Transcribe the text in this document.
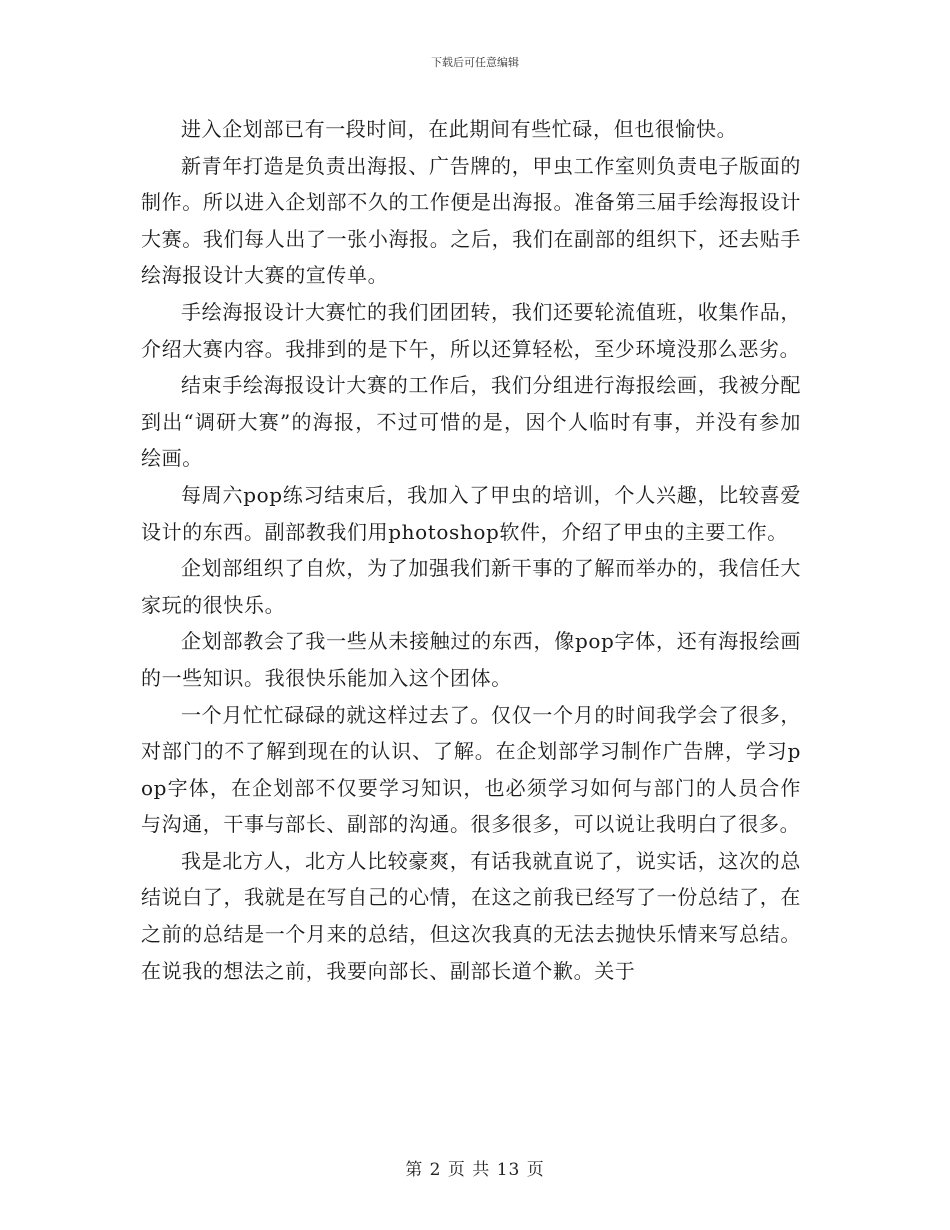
下载后可任意编辑

进入企划部已有一段时间，在此期间有些忙碌，但也很愉快。

新青年打造是负责出海报、广告牌的，甲虫工作室则负责电子版面的制作。所以进入企划部不久的工作便是出海报。准备第三届手绘海报设计大赛。我们每人出了一张小海报。之后，我们在副部的组织下，还去贴手绘海报设计大赛的宣传单。

手绘海报设计大赛忙的我们团团转，我们还要轮流值班，收集作品，介绍大赛内容。我排到的是下午，所以还算轻松，至少环境没那么恶劣。

结束手绘海报设计大赛的工作后，我们分组进行海报绘画，我被分配到出“调研大赛”的海报，不过可惜的是，因个人临时有事，并没有参加绘画。

每周六pop练习结束后，我加入了甲虫的培训，个人兴趣，比较喜爱设计的东西。副部教我们用photoshop软件，介绍了甲虫的主要工作。

企划部组织了自炊，为了加强我们新干事的了解而举办的，我信任大家玩的很快乐。

企划部教会了我一些从未接触过的东西，像pop字体，还有海报绘画的一些知识。我很快乐能加入这个团体。

一个月忙忙碌碌的就这样过去了。仅仅一个月的时间我学会了很多，对部门的不了解到现在的认识、了解。在企划部学习制作广告牌，学习pop字体，在企划部不仅要学习知识，也必须学习如何与部门的人员合作与沟通，干事与部长、副部的沟通。很多很多，可以说让我明白了很多。

我是北方人，北方人比较豪爽，有话我就直说了，说实话，这次的总结说白了，我就是在写自己的心情，在这之前我已经写了一份总结了，在之前的总结是一个月来的总结，但这次我真的无法去抛快乐情来写总结。在说我的想法之前，我要向部长、副部长道个歉。关于

第 2 页 共 13 页
